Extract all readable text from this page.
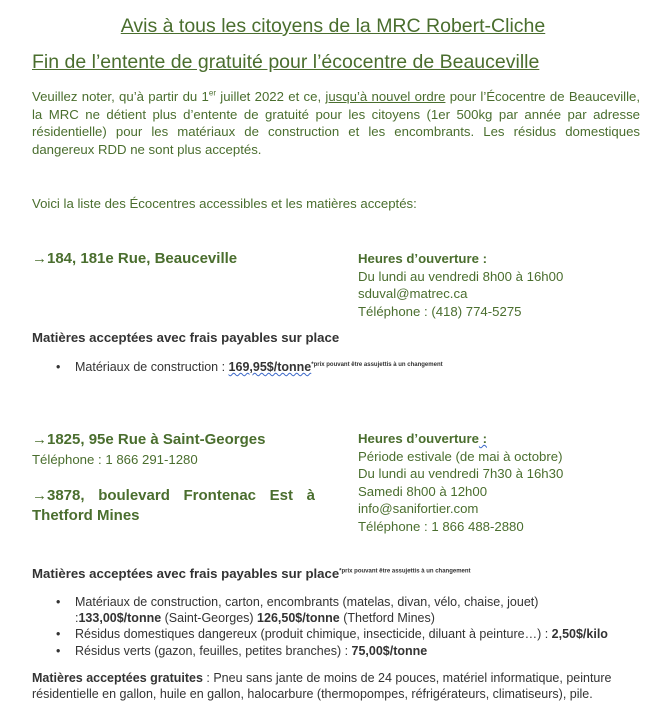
Avis à tous les citoyens de la MRC Robert-Cliche
Fin de l’entente de gratuité pour l’écocentre de Beauceville
Veuillez noter, qu’à partir du 1er juillet 2022 et ce, jusqu’à nouvel ordre pour l’Écocentre de Beauceville, la MRC ne détient plus d’entente de gratuité pour les citoyens (1er 500kg par année par adresse résidentielle) pour les matériaux de construction et les encombrants. Les résidus domestiques dangereux RDD ne sont plus acceptés.
Voici la liste des Écocentres accessibles et les matières acceptés:
→184, 181e Rue, Beauceville	Heures d’ouverture :
Du lundi au vendredi 8h00 à 16h00
sduval@matrec.ca
Téléphone : (418) 774-5275
Matières acceptées avec frais payables sur place
• Matériaux de construction : 169,95$/tonne$^{*prix pouvant être assujettis à un changement}$
→1825, 95e Rue à Saint-Georges
Téléphone : 1 866 291-1280
→3878, boulevard Frontenac Est à
Thetford Mines
Heures d’ouverture :
Période estivale (de mai à octobre)
Du lundi au vendredi 7h30 à 16h30
Samedi 8h00 à 12h00
info@sanifortier.com
Téléphone : 1 866 488-2880
Matières acceptées avec frais payables sur place$^{*prix pouvant être assujettis à un changement}$
• Matériaux de construction, carton, encombrants (matelas, divan, vélo, chaise, jouet)
:133,00$/tonne (Saint-Georges) 126,50$/tonne (Thetford Mines)
• Résidus domestiques dangereux (produit chimique, insecticide, diluant à peinture…) : 2,50$/kilo
• Résidus verts (gazon, feuilles, petites branches) : 75,00$/tonne
Matières acceptées gratuites : Pneu sans jante de moins de 24 pouces, matériel informatique, peinture résidentielle en gallon, huile en gallon, halocarbure (thermopompes, réfrigérateurs, climatiseurs), pile.
